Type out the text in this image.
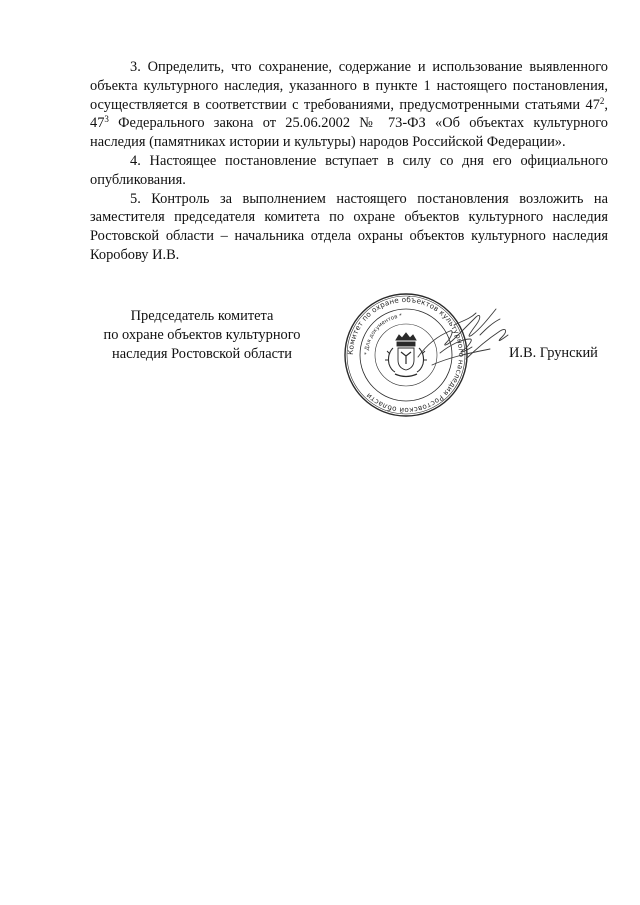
3. Определить, что сохранение, содержание и использование выявленного объекта культурного наследия, указанного в пункте 1 настоящего постановления, осуществляется в соответствии с требованиями, предусмотренными статьями $47^2$, $47^3$ Федерального закона от 25.06.2002 № 73-ФЗ «Об объектах культурного наследия (памятниках истории и культуры) народов Российской Федерации».

4. Настоящее постановление вступает в силу со дня его официального опубликования.

5. Контроль за выполнением настоящего постановления возложить на заместителя председателя комитета по охране объектов культурного наследия Ростовской области – начальника отдела охраны объектов культурного наследия Коробову И.В.

Председатель комитета
по охране объектов культурного
наследия Ростовской области	Комитет по охране объектов культурного наследия Ростовской области
* Для документов *
И.В. Грунский
